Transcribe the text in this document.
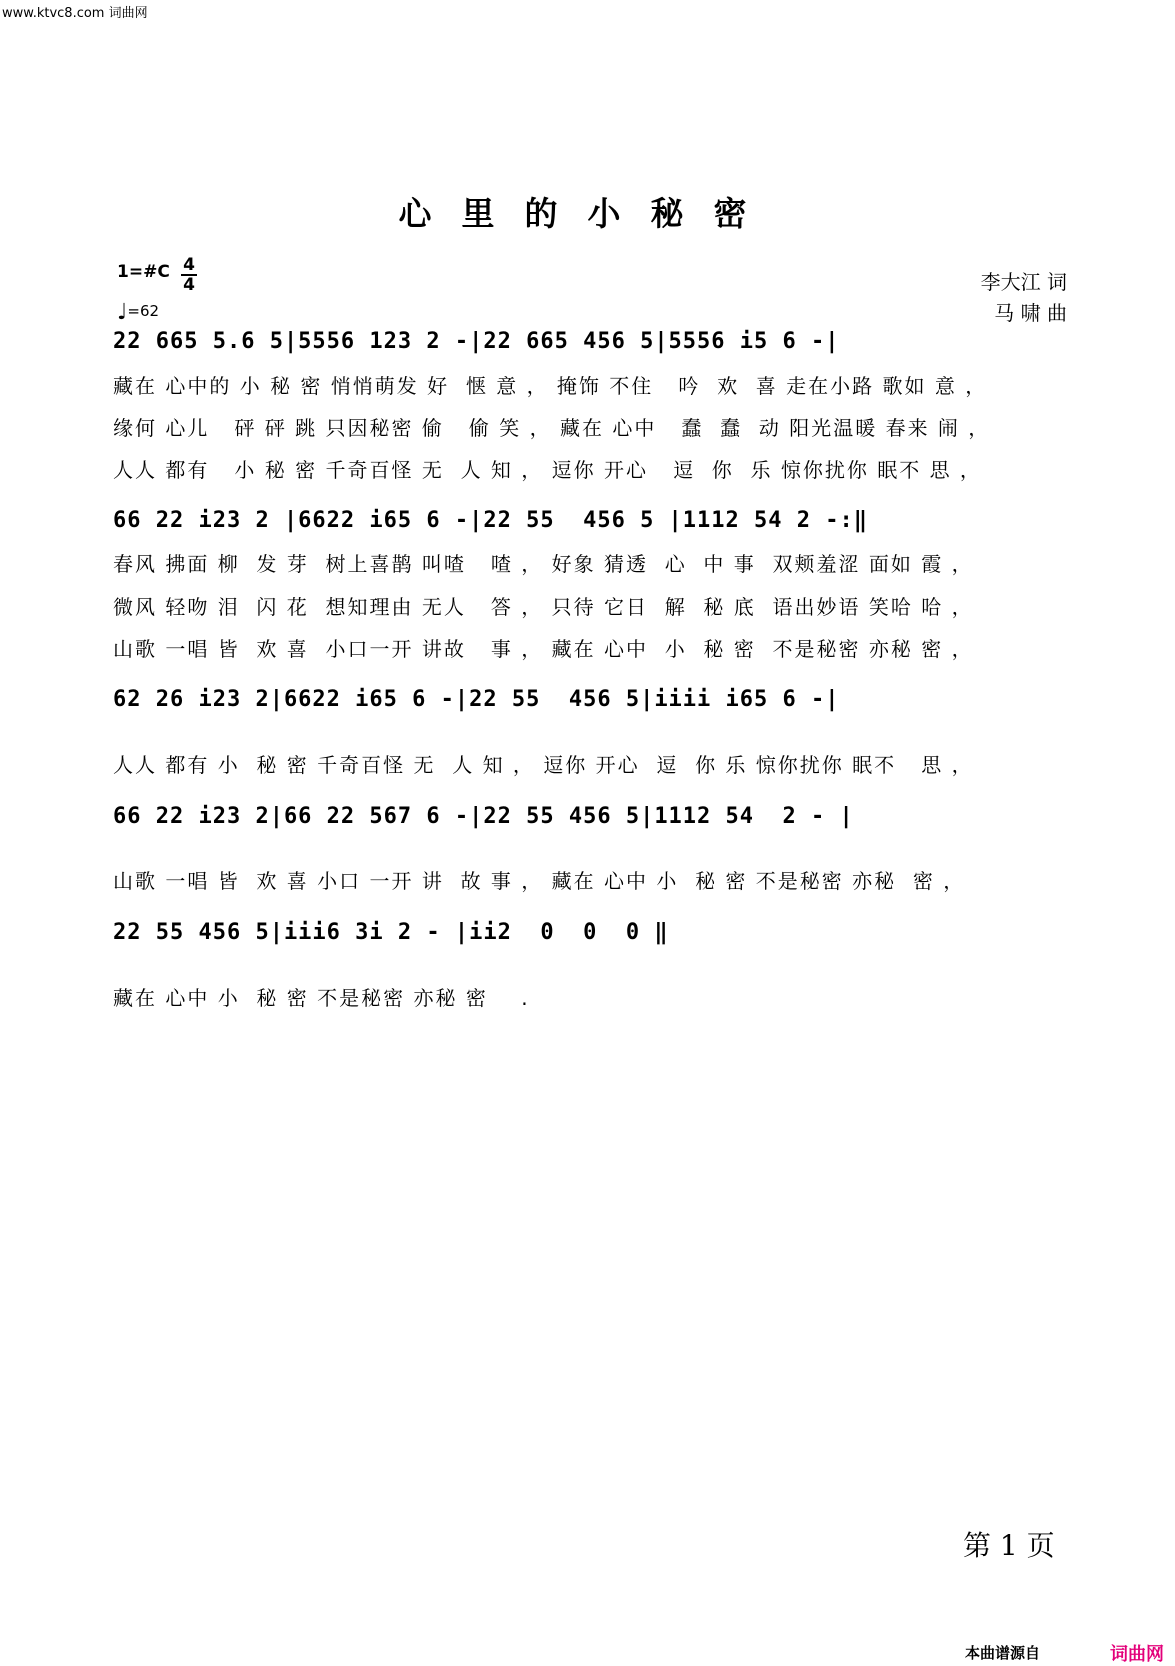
www.ktvc8.com 词曲网
心里的小秘密
1=#C 4
4
♩=62
李大江 词
马 啸 曲
22 665 5.6 5|5556 123 2 -|22 665 456 5|5556 i5 6 -|
藏在 心中的 小 秘 密 悄悄萌发 好  惬 意 ， 掩饰 不住   吟  欢  喜 走在小路 歌如 意 ，
缘何 心儿   砰 砰 跳 只因秘密 偷   偷 笑 ， 藏在 心中   蠢  蠢  动 阳光温暖 春来 闹 ，
人人 都有   小 秘 密 千奇百怪 无  人 知 ， 逗你 开心   逗  你  乐 惊你扰你 眠不 思 ，
66 22 i23 2 |6622 i65 6 -|22 55  456 5 |1112 54 2 -:‖
春风 拂面 柳  发 芽  树上喜鹊 叫喳   喳 ， 好象 猜透  心  中 事  双颊羞涩 面如 霞 ，
微风 轻吻 泪  闪 花  想知理由 无人   答 ， 只待 它日  解  秘 底  语出妙语 笑哈 哈 ，
山歌 一唱 皆  欢 喜  小口一开 讲故   事 ， 藏在 心中  小  秘 密  不是秘密 亦秘 密 ，
62 26 i23 2|6622 i65 6 -|22 55  456 5|iiii i65 6 -|
人人 都有 小  秘 密 千奇百怪 无  人 知 ， 逗你 开心  逗  你 乐 惊你扰你 眠不   思 ，
66 22 i23 2|66 22 567 6 -|22 55 456 5|1112 54  2 - |
山歌 一唱 皆  欢 喜 小口 一开 讲  故 事 ， 藏在 心中 小  秘 密 不是秘密 亦秘  密 ，
22 55 456 5|iii6 3i 2 - |ii2  0  0  0 ‖
藏在 心中 小  秘 密 不是秘密 亦秘 密    .
第 1 页
本曲谱源自	词曲网
